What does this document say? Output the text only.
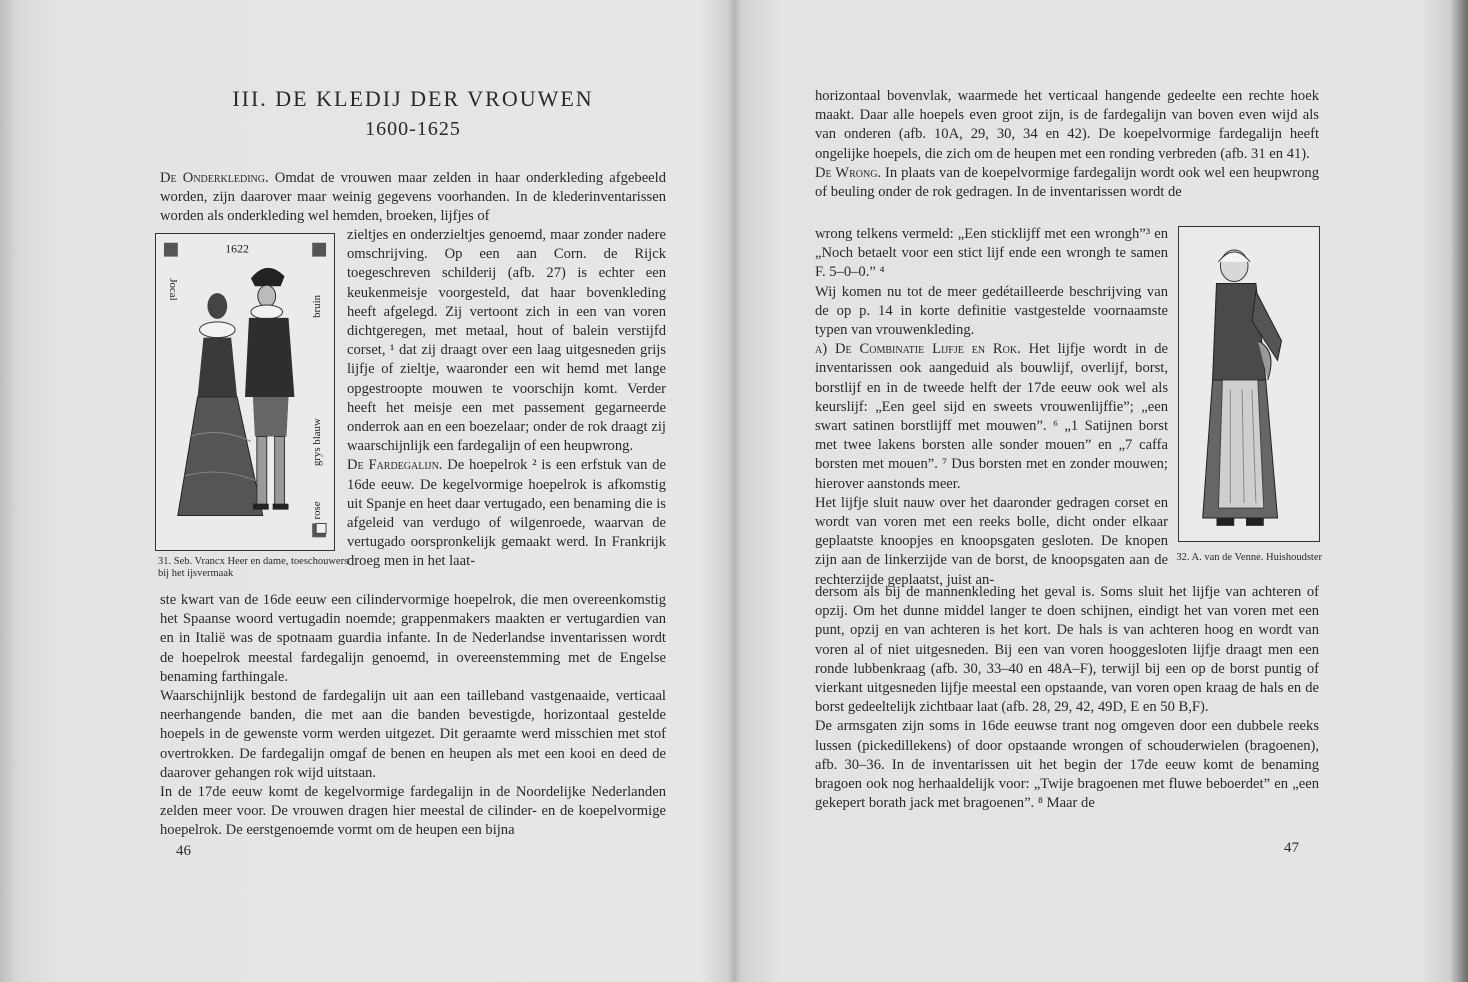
III. DE KLEDIJ DER VROUWEN
1600-1625

De Onderkleding. Omdat de vrouwen maar zelden in haar onderkleding afgebeeld worden, zijn daarover maar weinig gegevens voorhanden. In de klederinventarissen worden als onderkleding wel hemden, broeken, lijfjes of

1622
Jocal
bruin
grys blauw
rose
31. Seb. Vrancx Heer en dame, toeschouwers bij het ijsvermaak

zieltjes en onderzieltjes genoemd, maar zonder nadere omschrijving. Op een aan Corn. de Rijck toegeschreven schilderij (afb. 27) is echter een keukenmeisje voorgesteld, dat haar bovenkleding heeft afgelegd. Zij vertoont zich in een van voren dichtgeregen, met metaal, hout of balein verstijfd corset, ¹ dat zij draagt over een laag uitgesneden grijs lijfje of zieltje, waaronder een wit hemd met lange opgestroopte mouwen te voorschijn komt. Verder heeft het meisje een met passement gegarneerde onderrok aan en een boezelaar; onder de rok draagt zij waarschijnlijk een fardegalijn of een heupwrong.

De Fardegalijn. De hoepelrok ² is een erfstuk van de 16de eeuw. De kegelvormige hoepelrok is afkomstig uit Spanje en heet daar vertugado, een benaming die is afgeleid van verdugo of wilgenroede, waarvan de vertugado oorspronkelijk gemaakt werd. In Frankrijk droeg men in het laat-

ste kwart van de 16de eeuw een cilindervormige hoepelrok, die men overeenkomstig het Spaanse woord vertugadin noemde; grappenmakers maakten er vertugardien van en in Italië was de spotnaam guardia infante. In de Nederlandse inventarissen wordt de hoepelrok meestal fardegalijn genoemd, in overeenstemming met de Engelse benaming farthingale.

Waarschijnlijk bestond de fardegalijn uit aan een tailleband vastgenaaide, verticaal neerhangende banden, die met aan die banden bevestigde, horizontaal gestelde hoepels in de gewenste vorm werden uitgezet. Dit geraamte werd misschien met stof overtrokken. De fardegalijn omgaf de benen en heupen als met een kooi en deed de daarover gehangen rok wijd uitstaan.

In de 17de eeuw komt de kegelvormige fardegalijn in de Noordelijke Nederlanden zelden meer voor. De vrouwen dragen hier meestal de cilinder- en de koepelvormige hoepelrok. De eerstgenoemde vormt om de heupen een bijna

46

horizontaal bovenvlak, waarmede het verticaal hangende gedeelte een rechte hoek maakt. Daar alle hoepels even groot zijn, is de fardegalijn van boven even wijd als van onderen (afb. 10A, 29, 30, 34 en 42). De koepelvormige fardegalijn heeft ongelijke hoepels, die zich om de heupen met een ronding verbreden (afb. 31 en 41).

De Wrong. In plaats van de koepelvormige fardegalijn wordt ook wel een heupwrong of beuling onder de rok gedragen. In de inventarissen wordt de

wrong telkens vermeld: „Een sticklijff met een wrongh”³ en „Noch betaelt voor een stict lijf ende een wrongh te samen F. 5–0–0.” ⁴

Wij komen nu tot de meer gedétailleerde beschrijving van de op p. 14 in korte definitie vastgestelde voornaamste typen van vrouwenkleding.

a) De Combinatie Lijfje en Rok. Het lijfje wordt in de inventarissen ook aangeduid als bouwlijf, overlijf, borst, borstlijf en in de tweede helft der 17de eeuw ook wel als keurslijf: „Een geel sijd en sweets vrouwenlijffie”; „een swart satinen borstlijff met mouwen”. ⁶ „1 Satijnen borst met twee lakens borsten alle sonder mouen” en „7 caffa borsten met mouen”. ⁷ Dus borsten met en zonder mouwen; hierover aanstonds meer.

Het lijfje sluit nauw over het daaronder gedragen corset en wordt van voren met een reeks bolle, dicht onder elkaar geplaatste knoopjes en knoopsgaten gesloten. De knopen zijn aan de linkerzijde van de borst, de knoopsgaten aan de rechterzijde geplaatst, juist an-

32. A. van de Venne. Huishoudster

dersom als bij de mannenkleding het geval is. Soms sluit het lijfje van achteren of opzij. Om het dunne middel langer te doen schijnen, eindigt het van voren met een punt, opzij en van achteren is het kort. De hals is van achteren hoog en wordt van voren al of niet uitgesneden. Bij een van voren hooggesloten lijfje draagt men een ronde lubbenkraag (afb. 30, 33–40 en 48A–F), terwijl bij een op de borst puntig of vierkant uitgesneden lijfje meestal een opstaande, van voren open kraag de hals en de borst gedeeltelijk zichtbaar laat (afb. 28, 29, 42, 49D, E en 50 B,F).

De armsgaten zijn soms in 16de eeuwse trant nog omgeven door een dubbele reeks lussen (pickedillekens) of door opstaande wrongen of schouderwielen (bragoenen), afb. 30–36. In de inventarissen uit het begin der 17de eeuw komt de benaming bragoen ook nog herhaaldelijk voor: „Twije bragoenen met fluwe beboerdet” en „een gekepert borath jack met bragoenen”. ⁸ Maar de

47
